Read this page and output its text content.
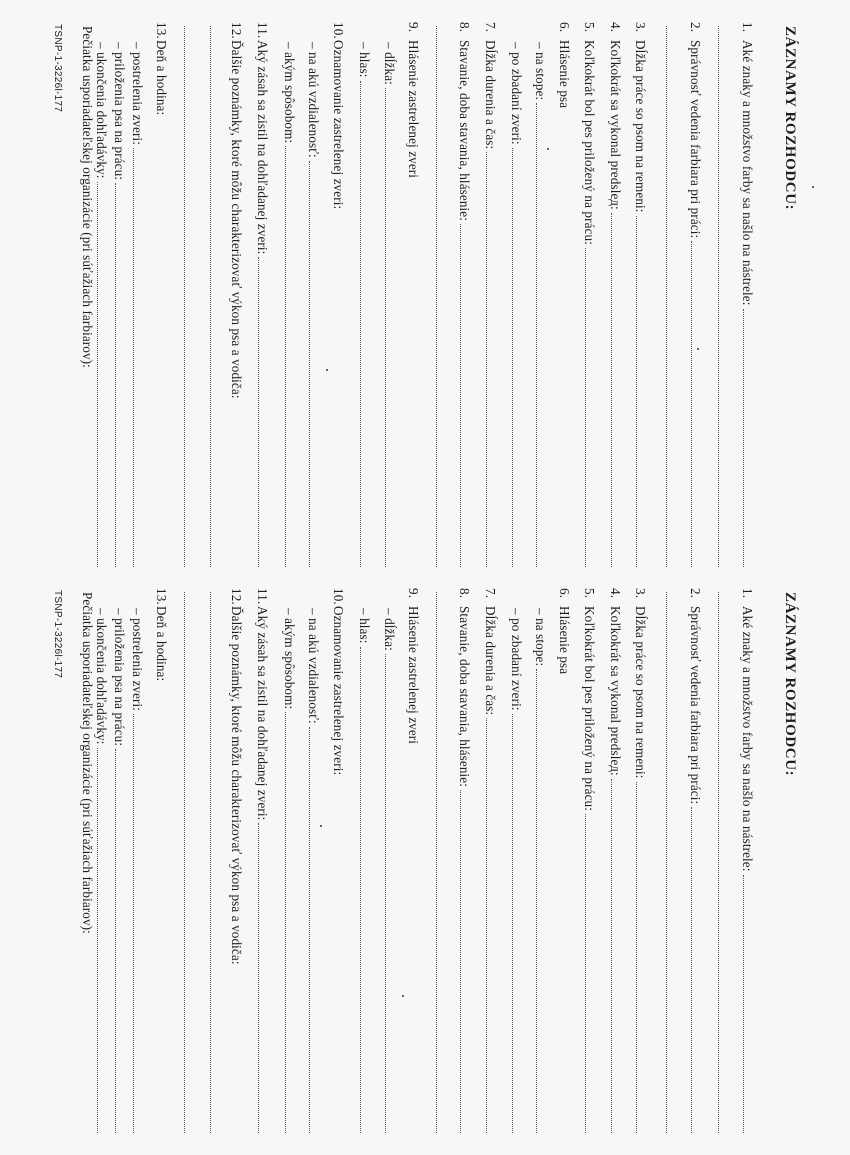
ZÁZNAMY ROZHODCU:
1.
Aké znaky a množstvo farby sa našlo na nástrele:
2.
Správnosť vedenia farbiara pri práci:
3.
Dĺžka práce so psom na remeni:
4.
Koľkokrát sa vykonal predslед:
5.
Koľkokrát bol pes priložený na prácu:
6.
Hlásenie psa
– na stope:
– po zbadaní zveri:
7.
Dĺžka durenia a čas:
8.
Stavanie, doba stavania, hlásenie:
9.
Hlásenie zastrelenej zveri
– dĺžka:
– hlas:
10.
Oznamovanie zastrelenej zveri:
– na akú vzdialenosť:
– akým spôsobom:
11.
Aký zásah sa zistil na dohľadanej zveri:
12.
Ďalšie poznámky, ktoré môžu charakterizovať výkon psa a vodiča:
13.
Deň a hodina:
– postrelenia zveri:
– priloženia psa na prácu:
– ukončenia dohľadávky:
Pečiatka usporiadateľskej organizácie (pri súťažiach farbiarov):
TSNP-1-3226l-177
ZÁZNAMY ROZHODCU:
1.
Aké znaky a množstvo farby sa našlo na nástrele:
2.
Správnosť vedenia farbiara pri práci:
3.
Dĺžka práce so psom na remeni:
4.
Koľkokrát sa vykonal predslед:
5.
Koľkokrát bol pes priložený na prácu:
6.
Hlásenie psa
– na stope:
– po zbadaní zveri:
7.
Dĺžka durenia a čas:
8.
Stavanie, doba stavania, hlásenie:
9.
Hlásenie zastrelenej zveri
– dĺžka:
– hlas:
10.
Oznamovanie zastrelenej zveri:
– na akú vzdialenosť:
– akým spôsobom:
11.
Aký zásah sa zistil na dohľadanej zveri:
12.
Ďalšie poznámky, ktoré môžu charakterizovať výkon psa a vodiča:
13.
Deň a hodina:
– postrelenia zveri:
– priloženia psa na prácu:
– ukončenia dohľadávky:
Pečiatka usporiadateľskej organizácie (pri súťažiach farbiarov):
TSNP-1-3226l-177
